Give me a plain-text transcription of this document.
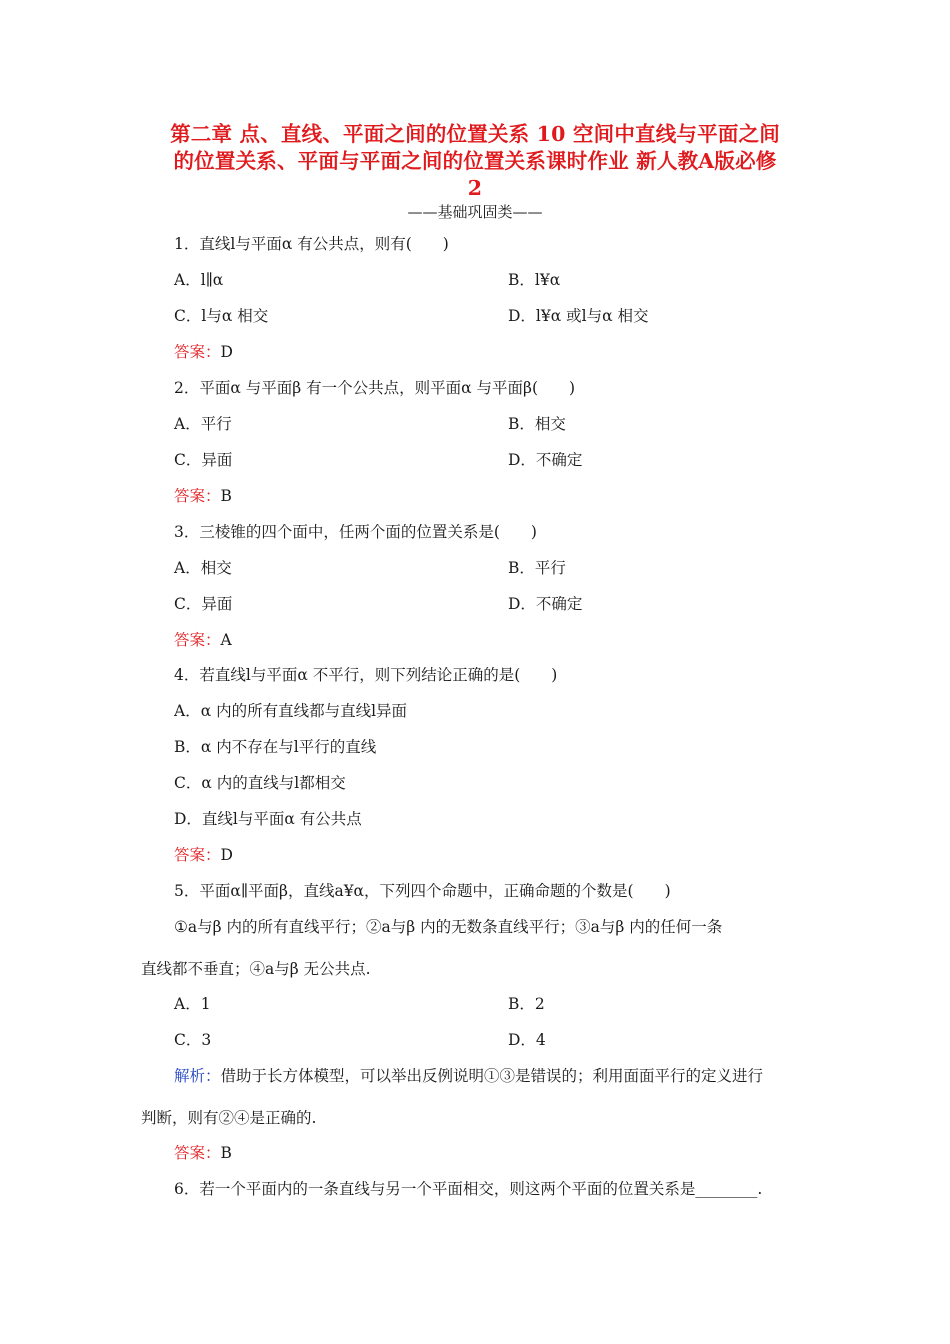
第二章 点、直线、平面之间的位置关系 10 空间中直线与平面之间
的位置关系、平面与平面之间的位置关系课时作业 新人教A版必修
2
——基础巩固类——
1．直线l与平面α 有公共点，则有(　　)
A．l∥α	B．l¥α
C．l与α 相交	D．l¥α 或l与α 相交
答案：D
2．平面α 与平面β 有一个公共点，则平面α 与平面β(　　)
A．平行	B．相交
C．异面	D．不确定
答案：B
3．三棱锥的四个面中，任两个面的位置关系是(　　)
A．相交	B．平行
C．异面	D．不确定
答案：A
4．若直线l与平面α 不平行，则下列结论正确的是(　　)
A．α 内的所有直线都与直线l异面
B．α 内不存在与l平行的直线
C．α 内的直线与l都相交
D．直线l与平面α 有公共点
答案：D
5．平面α∥平面β，直线a¥α，下列四个命题中，正确命题的个数是(　　)
①a与β 内的所有直线平行；②a与β 内的无数条直线平行；③a与β 内的任何一条
直线都不垂直；④a与β 无公共点.
A．1	B．2
C．3	D．4
解析：借助于长方体模型，可以举出反例说明①③是错误的；利用面面平行的定义进行
判断，则有②④是正确的.
答案：B
6．若一个平面内的一条直线与另一个平面相交，则这两个平面的位置关系是________.
